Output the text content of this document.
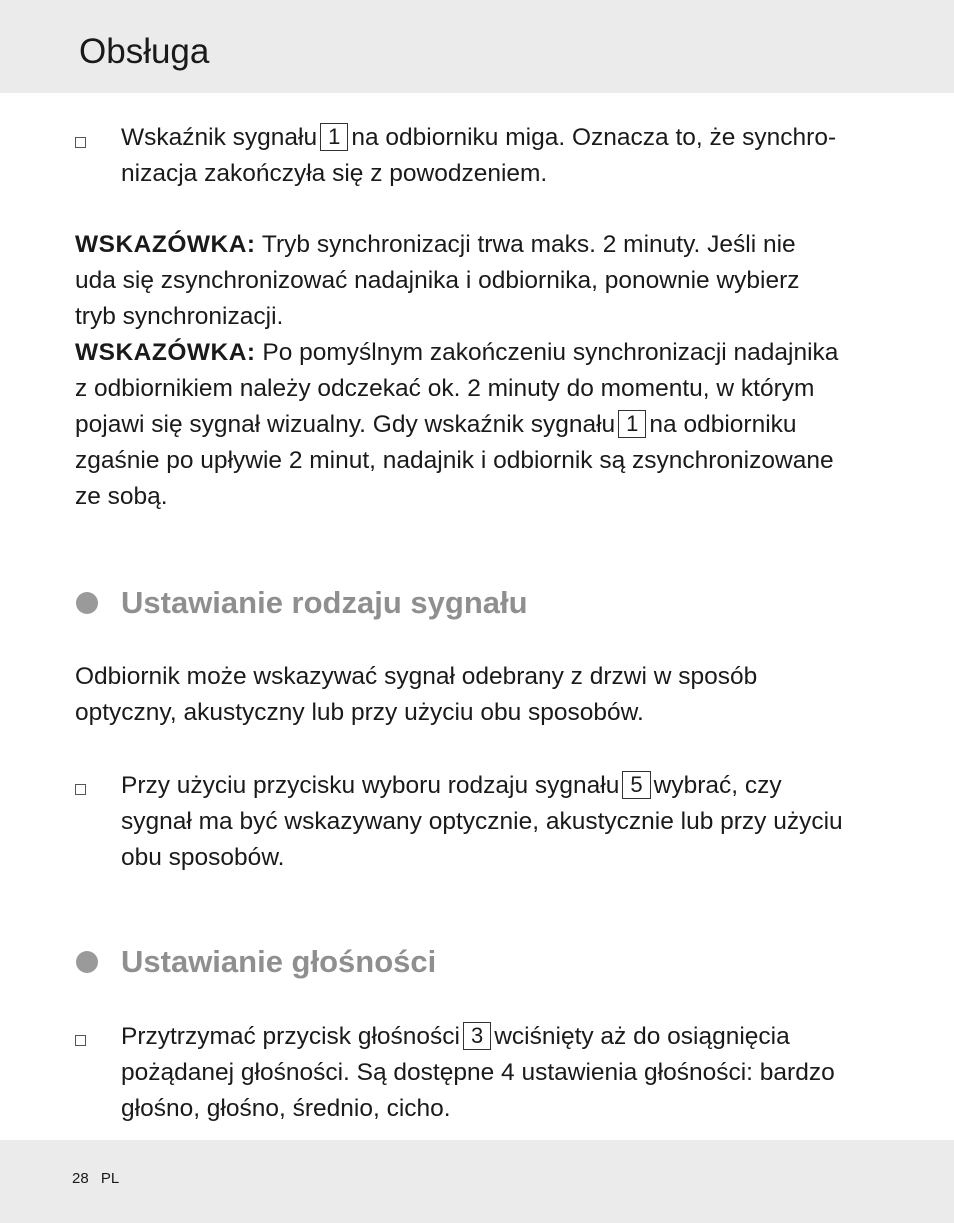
Obsługa

Wskaźnik sygnału 1 na odbiorniku miga. Oznacza to, że synchro-
nizacja zakończyła się z powodzeniem.

WSKAZÓWKA: Tryb synchronizacji trwa maks. 2 minuty. Jeśli nie
uda się zsynchronizować nadajnika i odbiornika, ponownie wybierz
tryb synchronizacji.

WSKAZÓWKA: Po pomyślnym zakończeniu synchronizacji nadajnika
z odbiornikiem należy odczekać ok. 2 minuty do momentu, w którym
pojawi się sygnał wizualny. Gdy wskaźnik sygnału 1 na odbiorniku
zgaśnie po upływie 2 minut, nadajnik i odbiornik są zsynchronizowane
ze sobą.

Ustawianie rodzaju sygnału

Odbiornik może wskazywać sygnał odebrany z drzwi w sposób
optyczny, akustyczny lub przy użyciu obu sposobów.

Przy użyciu przycisku wyboru rodzaju sygnału 5 wybrać, czy
sygnał ma być wskazywany optycznie, akustycznie lub przy użyciu
obu sposobów.

Ustawianie głośności

Przytrzymać przycisk głośności 3 wciśnięty aż do osiągnięcia
pożądanej głośności. Są dostępne 4 ustawienia głośności: bardzo
głośno, głośno, średnio, cicho.

28 PL
